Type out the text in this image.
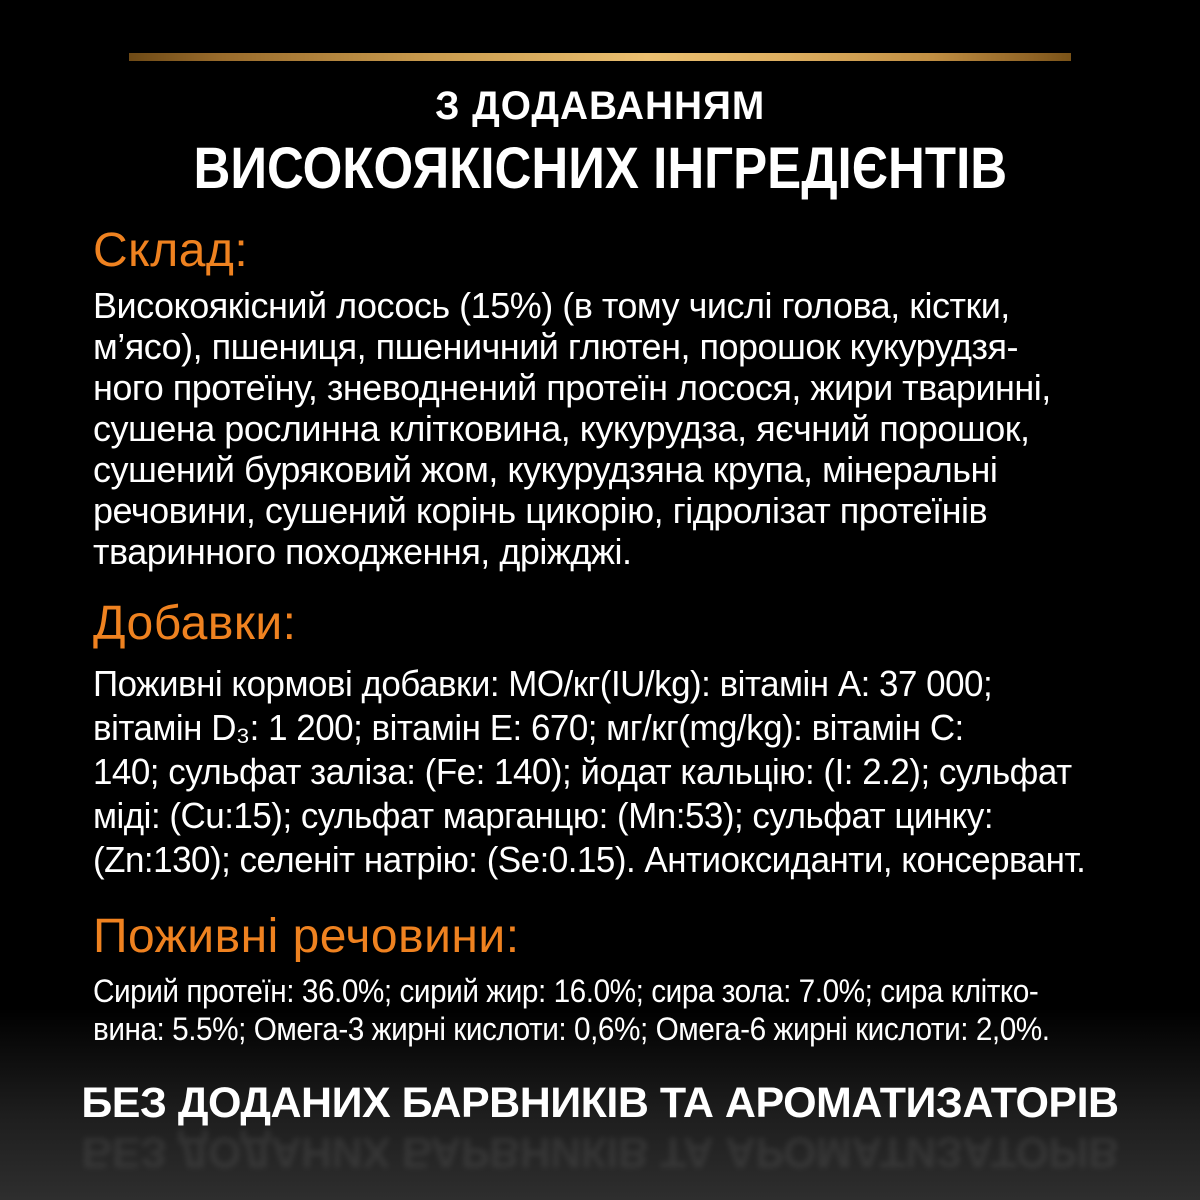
З ДОДАВАННЯМ
ВИСОКОЯКІСНИХ ІНГРЕДІЄНТІВ
Склад:
Високоякісний лосось (15%) (в тому числі голова, кістки,
м’ясо), пшениця, пшеничний глютен, порошок кукурудзя-
ного протеїну, зневоднений протеїн лосося, жири тваринні,
сушена рослинна клітковина, кукурудза, яєчний порошок,
сушений буряковий жом, кукурудзяна крупа, мінеральні
речовини, сушений корінь цикорію, гідролізат протеїнів
тваринного походження, дріжджі.
Добавки:
Поживні кормові добавки: МО/кг(IU/kg): вітамін A: 37 000;
вітамін D₃: 1 200; вітамін E: 670; мг/кг(mg/kg): вітамін C:
140; сульфат заліза: (Fe: 140); йодат кальцію: (I: 2.2); сульфат
міді: (Cu:15); сульфат марганцю: (Mn:53); сульфат цинку:
(Zn:130); селеніт натрію: (Se:0.15). Антиоксиданти, консервант.
Поживні речовини:
Сирий протеїн: 36.0%; сирий жир: 16.0%; сира зола: 7.0%; сира клітко-
вина: 5.5%; Омега-3 жирні кислоти: 0,6%; Омега-6 жирні кислоти: 2,0%.
БЕЗ ДОДАНИХ БАРВНИКІВ ТА АРОМАТИЗАТОРІВ
БЕЗ ДОДАНИХ БАРВНИКІВ ТА АРОМАТИЗАТОРІВ
